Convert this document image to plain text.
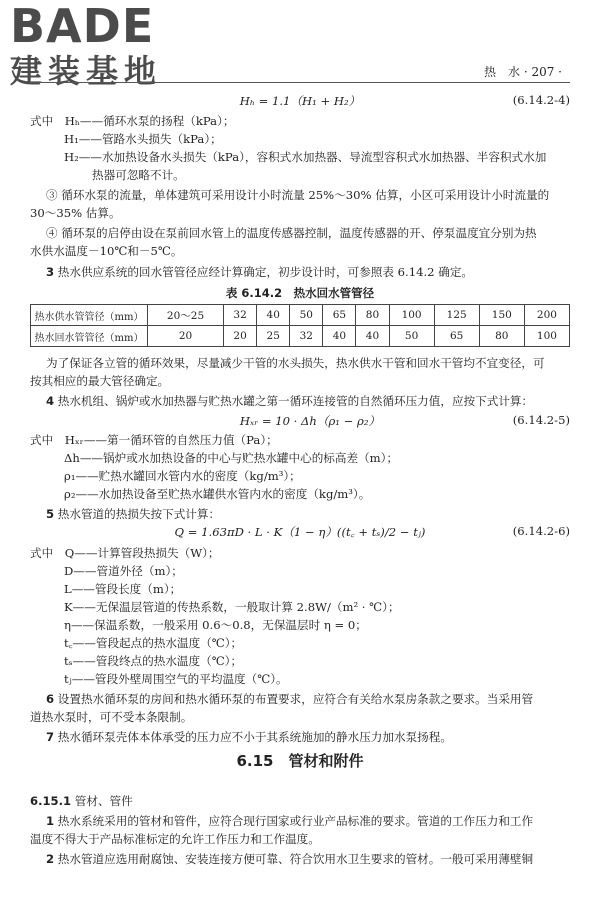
BADE
建装基地	热　水 · 207 ·
Hₕ = 1.1（H₁ + H₂）	(6.14.2-4)
式中　Hₕ——循环水泵的扬程（kPa）；
H₁——管路水头损失（kPa）；
H₂——水加热设备水头损失（kPa），容积式水加热器、导流型容积式水加热器、半容积式水加
热器可忽略不计。
③ 循环水泵的流量，单体建筑可采用设计小时流量 25%～30% 估算，小区可采用设计小时流量的
30～35% 估算。
④ 循环泵的启停由设在泵前回水管上的温度传感器控制，温度传感器的开、停泵温度宜分别为热
水供水温度－10℃和－5℃。
3 热水供应系统的回水管管径应经计算确定，初步设计时，可参照表 6.14.2 确定。
表 6.14.2　热水回水管管径
热水供水管管径（mm）	20～25	32	40	50	65	80	100	125	150	200
热水回水管管径（mm）	20	20	25	32	40	40	50	65	80	100
为了保证各立管的循环效果，尽量减少干管的水头损失，热水供水干管和回水干管均不宜变径，可
按其相应的最大管径确定。
4 热水机组、锅炉或水加热器与贮热水罐之第一循环连接管的自然循环压力值，应按下式计算：
Hₓᵣ = 10 · Δh（ρ₁ − ρ₂）	(6.14.2-5)
式中　Hₓᵣ——第一循环管的自然压力值（Pa）；
Δh——锅炉或水加热设备的中心与贮热水罐中心的标高差（m）；
ρ₁——贮热水罐回水管内水的密度（kg/m³）；
ρ₂——水加热设备至贮热水罐供水管内水的密度（kg/m³）。
5 热水管道的热损失按下式计算：
Q = 1.63πD · L · K（1 − η）((t꜀ + tₛ)/2 − tⱼ)	(6.14.2-6)
式中　Q——计算管段热损失（W）；
D——管道外径（m）；
L——管段长度（m）；
K——无保温层管道的传热系数，一般取计算 2.8W/（m² · ℃）；
η——保温系数，一般采用 0.6～0.8，无保温层时 η = 0；
t꜀——管段起点的热水温度（℃）；
tₛ——管段终点的热水温度（℃）；
tⱼ——管段外壁周围空气的平均温度（℃）。
6 设置热水循环泵的房间和热水循环泵的布置要求，应符合有关给水泵房条款之要求。当采用管
道热水泵时，可不受本条限制。
7 热水循环泵壳体本体承受的压力应不小于其系统施加的静水压力加水泵扬程。
6.15　管材和附件
6.15.1 管材、管件
1 热水系统采用的管材和管件，应符合现行国家或行业产品标准的要求。管道的工作压力和工作
温度不得大于产品标准标定的允许工作压力和工作温度。
2 热水管道应选用耐腐蚀、安装连接方便可靠、符合饮用水卫生要求的管材。一般可采用薄壁铜
